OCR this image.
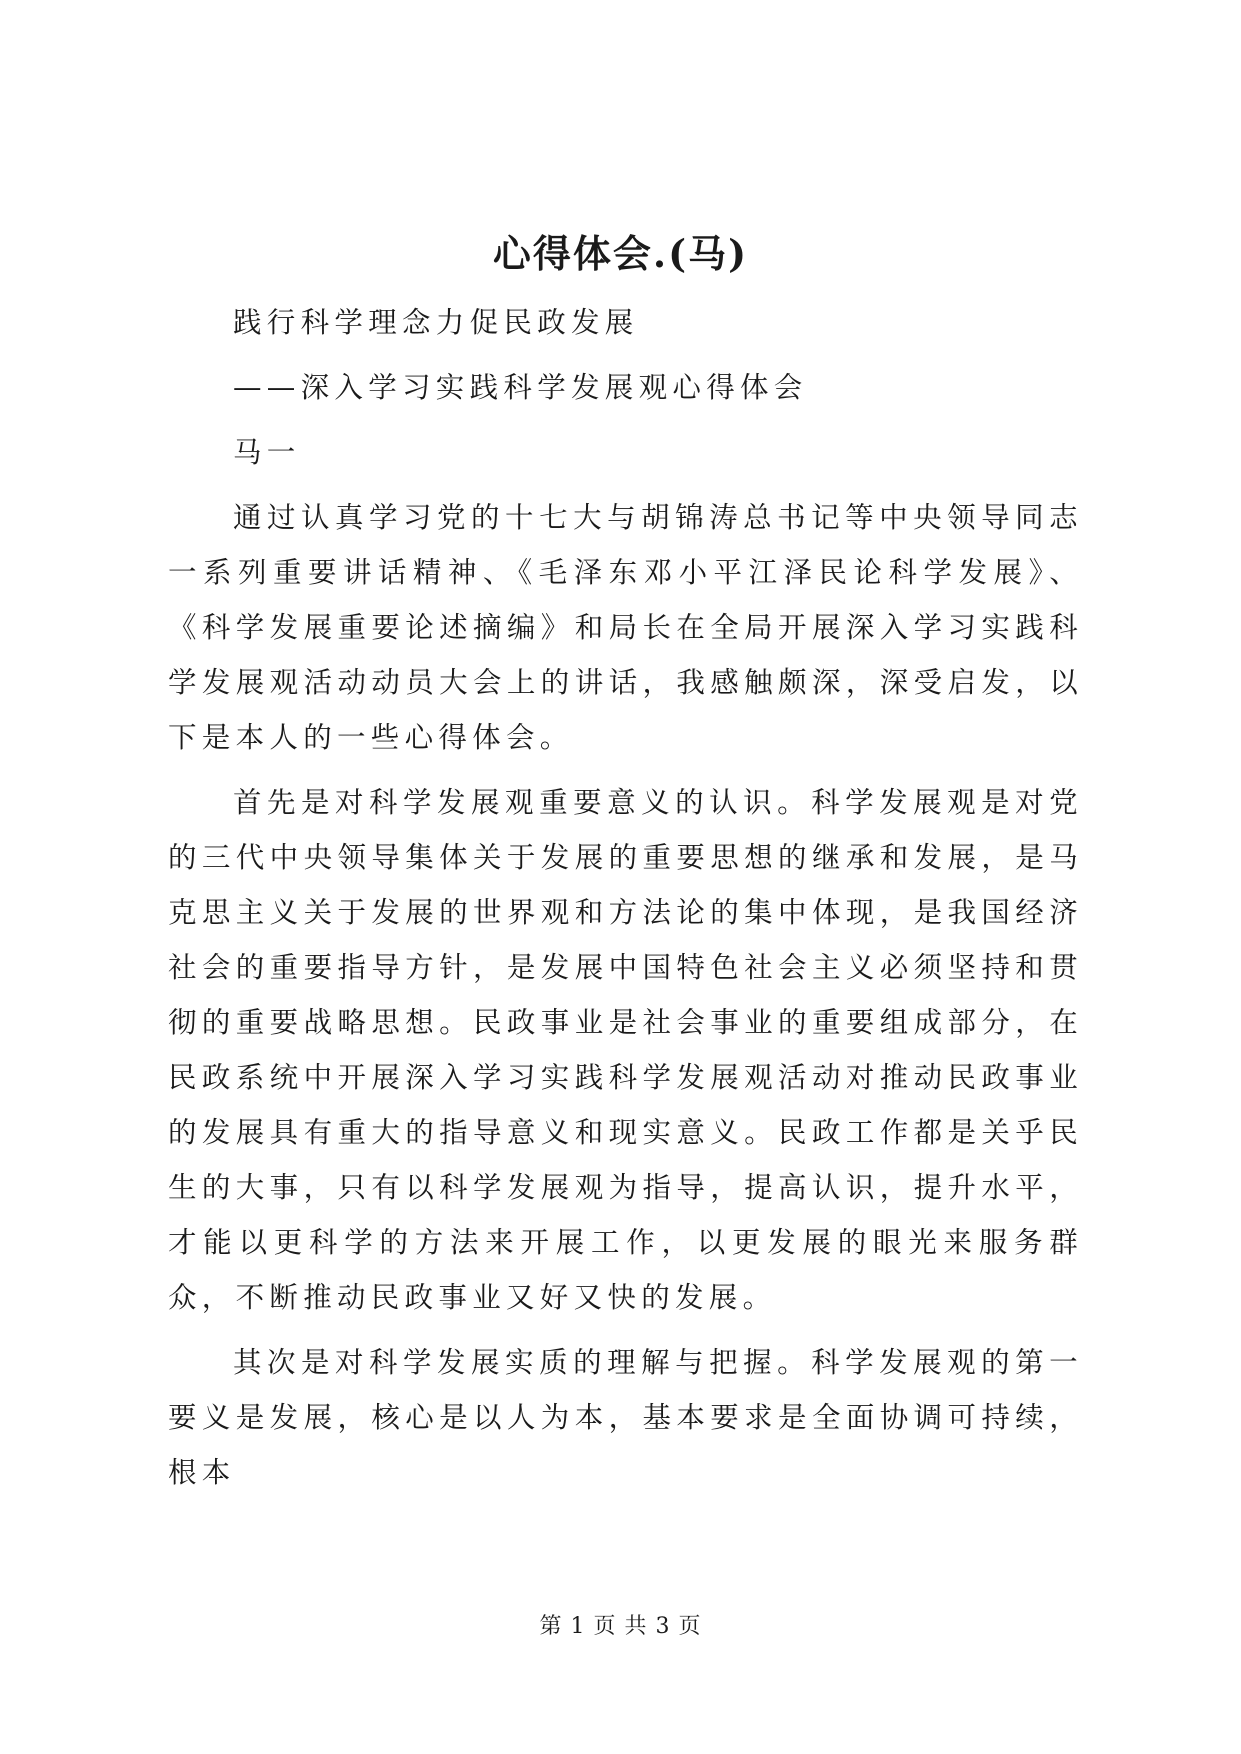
心得体会.(马)

践行科学理念力促民政发展

——深入学习实践科学发展观心得体会

马一

通过认真学习党的十七大与胡锦涛总书记等中央领导同志一系列重要讲话精神、《毛泽东邓小平江泽民论科学发展》、《科学发展重要论述摘编》和局长在全局开展深入学习实践科学发展观活动动员大会上的讲话，我感触颇深，深受启发，以下是本人的一些心得体会。

首先是对科学发展观重要意义的认识。科学发展观是对党的三代中央领导集体关于发展的重要思想的继承和发展，是马克思主义关于发展的世界观和方法论的集中体现，是我国经济社会的重要指导方针，是发展中国特色社会主义必须坚持和贯彻的重要战略思想。民政事业是社会事业的重要组成部分，在民政系统中开展深入学习实践科学发展观活动对推动民政事业的发展具有重大的指导意义和现实意义。民政工作都是关乎民生的大事，只有以科学发展观为指导，提高认识，提升水平，才能以更科学的方法来开展工作，以更发展的眼光来服务群众，不断推动民政事业又好又快的发展。

其次是对科学发展实质的理解与把握。科学发展观的第一要义是发展，核心是以人为本，基本要求是全面协调可持续，根本

第 1 页 共 3 页
